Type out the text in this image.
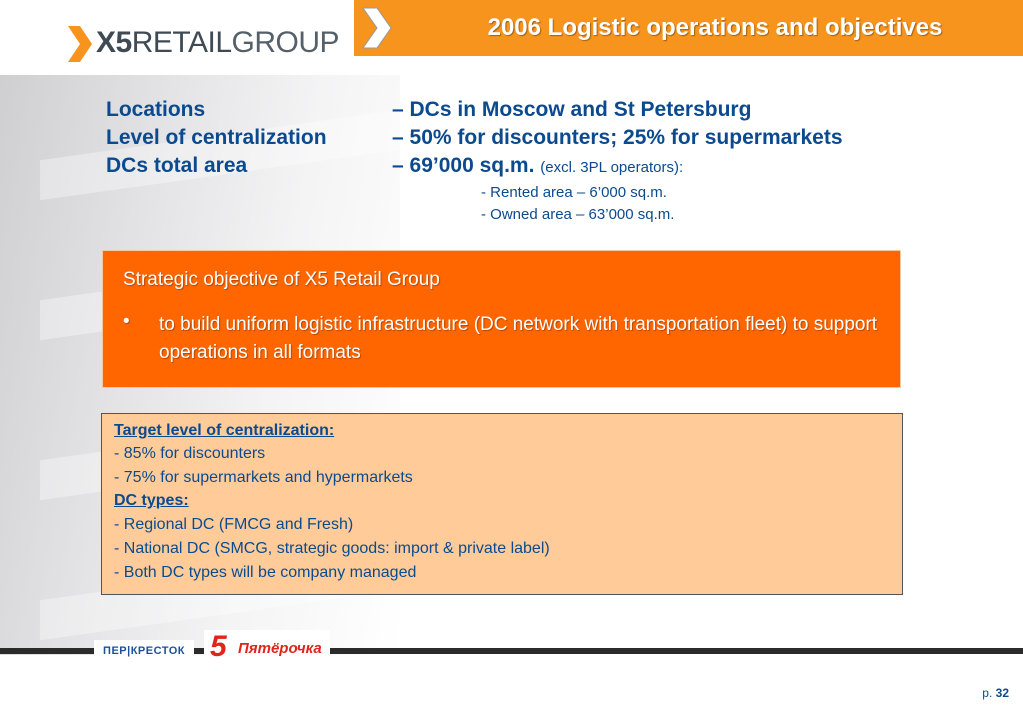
X5RETAILGROUP	2006 Logistic operations and objectives
Locations	– DCs in Moscow and St Petersburg
Level of centralization	– 50% for discounters; 25% for supermarkets
DCs total area	– 69’000 sq.m. (excl. 3PL operators):
- Rented area – 6’000 sq.m.
- Owned area – 63’000 sq.m.
Strategic objective of X5 Retail Group
• to build uniform logistic infrastructure (DC network with transportation fleet) to support operations in all formats
Target level of centralization:
- 85% for discounters
- 75% for supermarkets and hypermarkets
DC types:
- Regional DC (FMCG and Fresh)
- National DC (SMCG, strategic goods: import & private label)
- Both DC types will be company managed
ПЕР|КРЕСТОК 5 Пятёрочка
p. 32
